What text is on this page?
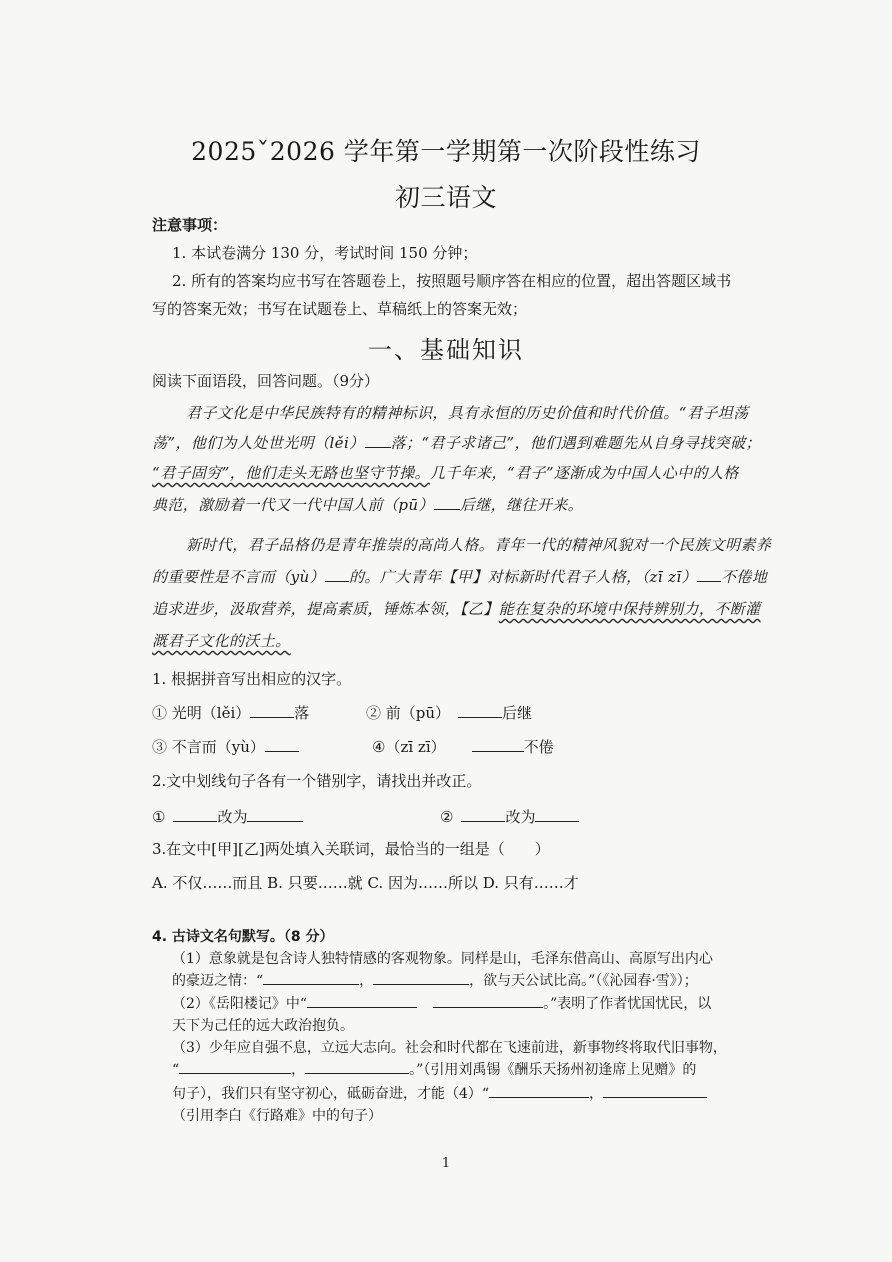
2025ˇ2026 学年第一学期第一次阶段性练习
初三语文
注意事项：
1. 本试卷满分 130 分，考试时间 150 分钟；
2. 所有的答案均应书写在答题卷上，按照题号顺序答在相应的位置，超出答题区域书
写的答案无效；书写在试题卷上、草稿纸上的答案无效；
一、基础知识
阅读下面语段，回答问题。（9分）
君子文化是中华民族特有的精神标识，具有永恒的历史价值和时代价值。“君子坦荡
荡”，他们为人处世光明（lěi） 落；“君子求诸己”，他们遇到难题先从自身寻找突破；
“君子固穷”，他们走头无路也坚守节操。几千年来，“君子”逐渐成为中国人心中的人格
典范，激励着一代又一代中国人前（pū） 后继，继往开来。
新时代，君子品格仍是青年推崇的高尚人格。青年一代的精神风貌对一个民族文明素养
的重要性是不言而（yù） 的。广大青年【甲】对标新时代君子人格，（zī zī） 不倦地
追求进步，汲取营养，提高素质，锤炼本领，【乙】能在复杂的环境中保持辨别力，不断灌
溉君子文化的沃土。
1. 根据拼音写出相应的汉字。
① 光明（lěi）	落	② 前（pū）	后继
③ 不言而（yù）	④（zī zī）	不倦
2.文中划线句子各有一个错别字，请找出并改正。
①	改为	②	改为
3.在文中[甲][乙]两处填入关联词，最恰当的一组是（　　）
A. 不仅……而且 B. 只要……就 C. 因为……所以 D. 只有……才
4. 古诗文名句默写。（8 分）
（1）意象就是包含诗人独特情感的客观物象。同样是山，毛泽东借高山、高原写出内心
的豪迈之情：“	，	，欲与天公试比高。”（《沁园春·雪》）；
（2）《岳阳楼记》中“	。”表明了作者忧国忧民，以
天下为己任的远大政治抱负。
（3）少年应自强不息，立远大志向。社会和时代都在飞速前进，新事物终将取代旧事物，
“	，	。”（引用刘禹锡《酬乐天扬州初逢席上见赠》的
句子），我们只有坚守初心，砥砺奋进，才能（4）“	，
（引用李白《行路难》中的句子）
1
